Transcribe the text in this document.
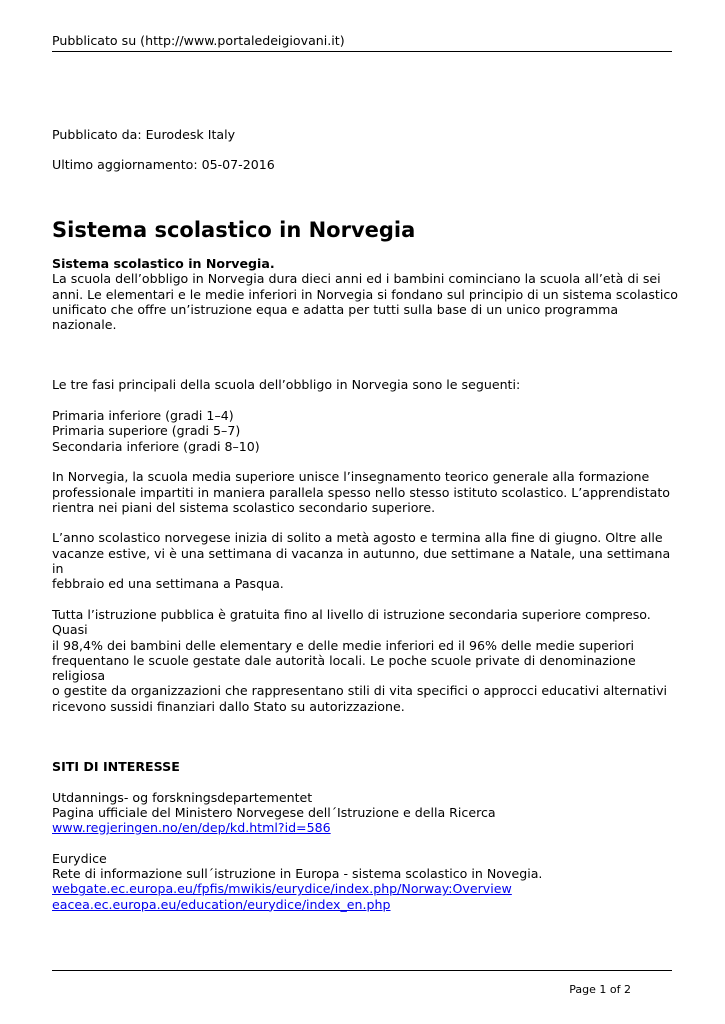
Pubblicato su (http://www.portaledeigiovani.it)
Pubblicato da: Eurodesk Italy
Ultimo aggiornamento: 05-07-2016
Sistema scolastico in Norvegia

Sistema scolastico in Norvegia.

La scuola dell’obbligo in Norvegia dura dieci anni ed i bambini cominciano la scuola all’età di sei
anni. Le elementari e le medie inferiori in Norvegia si fondano sul principio di un sistema scolastico
unificato che offre un’istruzione equa e adatta per tutti sulla base di un unico programma nazionale.

Le tre fasi principali della scuola dell’obbligo in Norvegia sono le seguenti:

Primaria inferiore (gradi 1–4)
Primaria superiore (gradi 5–7)
Secondaria inferiore (gradi 8–10)

In Norvegia, la scuola media superiore unisce l’insegnamento teorico generale alla formazione
professionale impartiti in maniera parallela spesso nello stesso istituto scolastico. L’apprendistato
rientra nei piani del sistema scolastico secondario superiore.

L’anno scolastico norvegese inizia di solito a metà agosto e termina alla fine di giugno. Oltre alle
vacanze estive, vi è una settimana di vacanza in autunno, due settimane a Natale, una settimana in
febbraio ed una settimana a Pasqua.

Tutta l’istruzione pubblica è gratuita fino al livello di istruzione secondaria superiore compreso. Quasi
il 98,4% dei bambini delle elementary e delle medie inferiori ed il 96% delle medie superiori
frequentano le scuole gestate dale autorità locali. Le poche scuole private di denominazione religiosa
o gestite da organizzazioni che rappresentano stili di vita specifici o approcci educativi alternativi
ricevono sussidi finanziari dallo Stato su autorizzazione.

SITI DI INTERESSE

Utdannings- og forskningsdepartementet
Pagina ufficiale del Ministero Norvegese dell´Istruzione e della Ricerca
www.regjeringen.no/en/dep/kd.html?id=586

Eurydice
Rete di informazione sull´istruzione in Europa - sistema scolastico in Novegia.
webgate.ec.europa.eu/fpfis/mwikis/eurydice/index.php/Norway:Overview
eacea.ec.europa.eu/education/eurydice/index_en.php

Page 1 of 2
